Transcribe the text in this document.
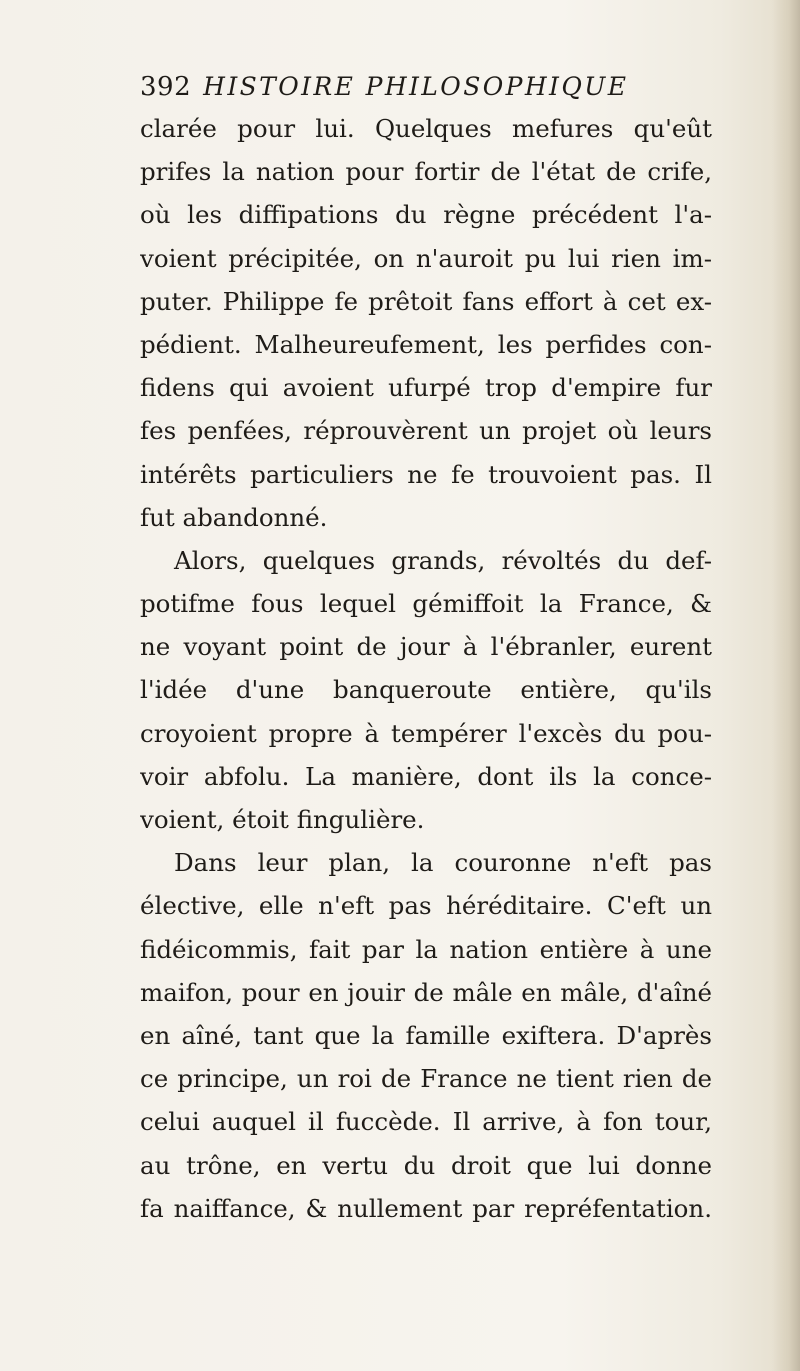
392 HISTOIRE PHILOSOPHIQUE
clarée pour lui. Quelques mefures qu'eût
prifes la nation pour fortir de l'état de crife,
où les diffipations du règne précédent l'a-
voient précipitée, on n'auroit pu lui rien im-
puter. Philippe fe prêtoit fans effort à cet ex-
pédient. Malheureufement, les perfides con-
fidens qui avoient ufurpé trop d'empire fur
fes penfées, réprouvèrent un projet où leurs
intérêts particuliers ne fe trouvoient pas. Il
fut abandonné.
Alors, quelques grands, révoltés du def-
potifme fous lequel gémiffoit la France, &
ne voyant point de jour à l'ébranler, eurent
l'idée d'une banqueroute entière, qu'ils
croyoient propre à tempérer l'excès du pou-
voir abfolu. La manière, dont ils la conce-
voient, étoit fingulière.
Dans leur plan, la couronne n'eft pas
élective, elle n'eft pas héréditaire. C'eft un
fidéicommis, fait par la nation entière à une
maifon, pour en jouir de mâle en mâle, d'aîné
en aîné, tant que la famille exiftera. D'après
ce principe, un roi de France ne tient rien de
celui auquel il fuccède. Il arrive, à fon tour,
au trône, en vertu du droit que lui donne
fa naiffance, & nullement par repréfentation.
